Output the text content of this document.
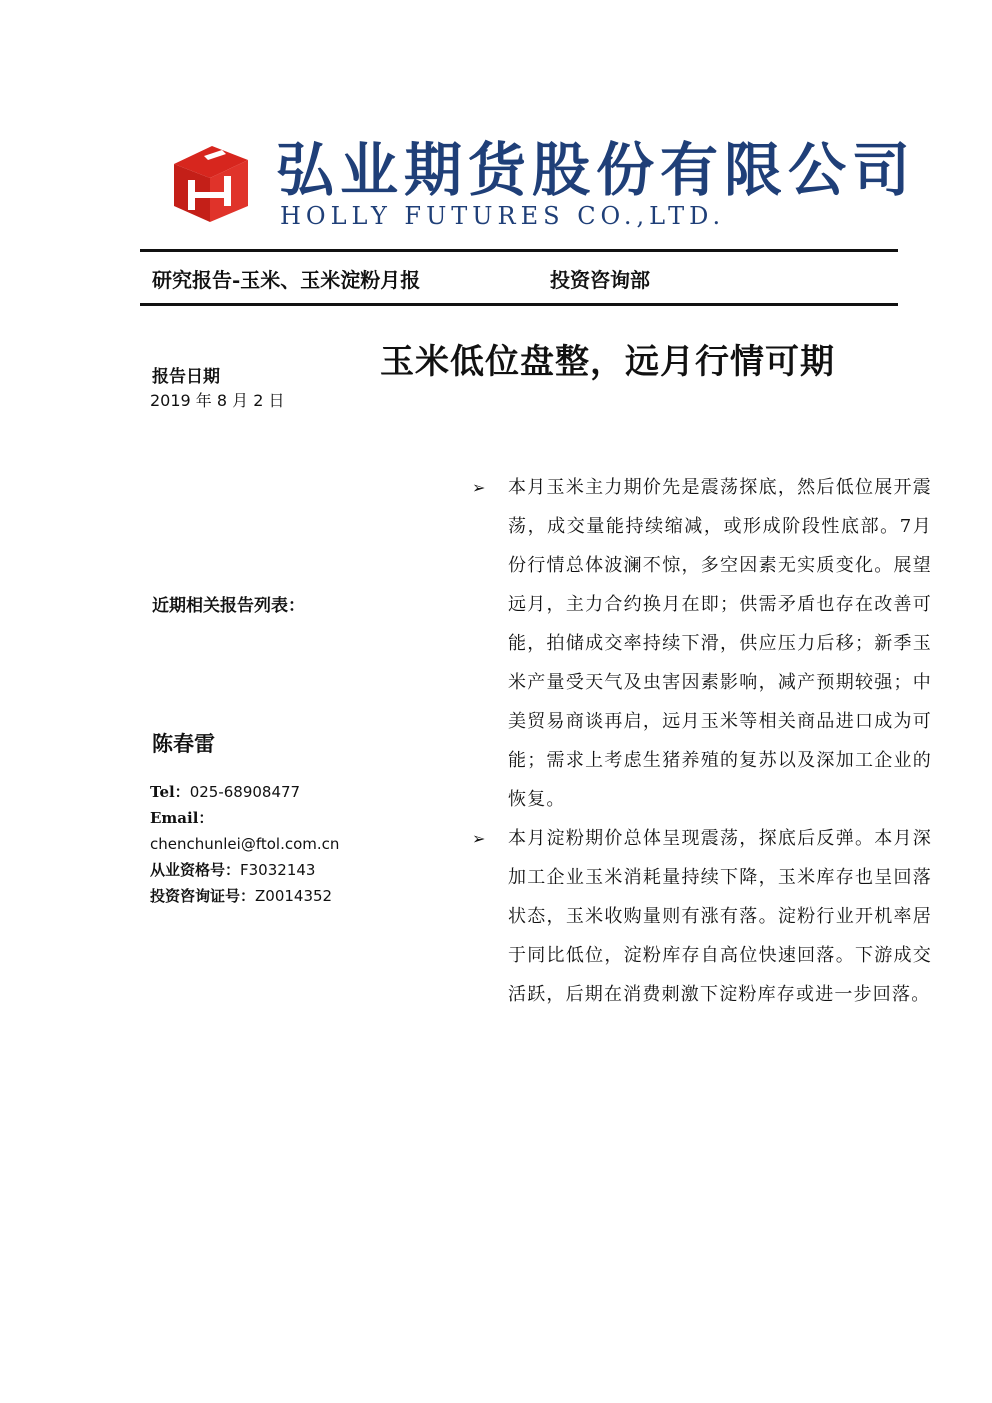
弘业期货股份有限公司
HOLLY FUTURES CO.,LTD.
研究报告-玉米、玉米淀粉月报	投资咨询部
玉米低位盘整，远月行情可期
报告日期
2019 年 8 月 2 日
近期相关报告列表：
陈春雷
Tel：025-68908477
Email：
chenchunlei@ftol.com.cn
从业资格号：F3032143
投资咨询证号：Z0014352
➢ 本月玉米主力期价先是震荡探底，然后低位展开震荡，成交量能持续缩减，或形成阶段性底部。7月份行情总体波澜不惊，多空因素无实质变化。展望远月，主力合约换月在即；供需矛盾也存在改善可能，拍储成交率持续下滑，供应压力后移；新季玉米产量受天气及虫害因素影响，减产预期较强；中美贸易商谈再启，远月玉米等相关商品进口成为可能；需求上考虑生猪养殖的复苏以及深加工企业的恢复。
➢ 本月淀粉期价总体呈现震荡，探底后反弹。本月深加工企业玉米消耗量持续下降，玉米库存也呈回落状态，玉米收购量则有涨有落。淀粉行业开机率居于同比低位，淀粉库存自高位快速回落。下游成交活跃，后期在消费刺激下淀粉库存或进一步回落。
